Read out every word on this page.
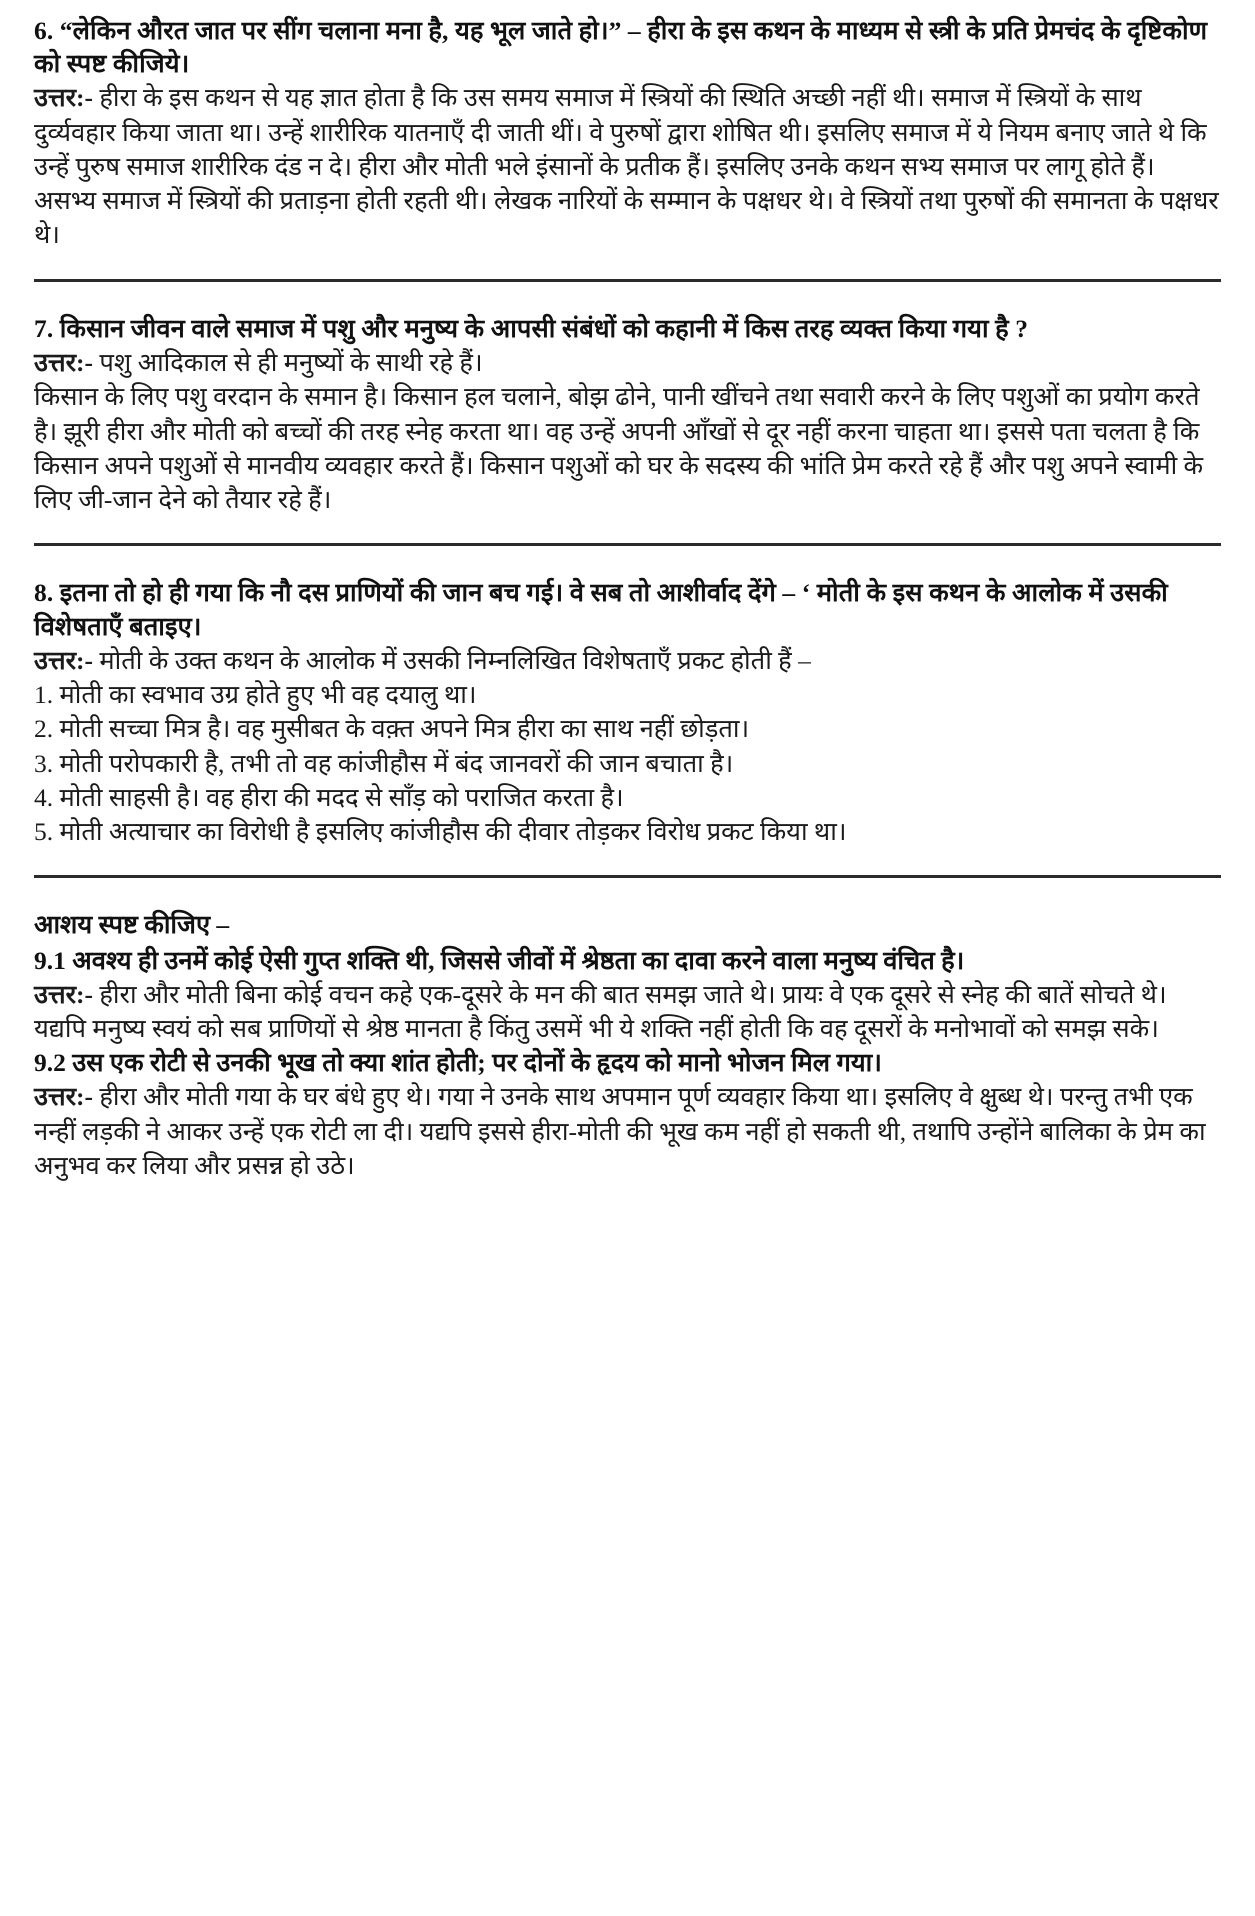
6. “लेकिन औरत जात पर सींग चलाना मना है, यह भूल जाते हो।” – हीरा के इस कथन के माध्यम से स्त्री के प्रति प्रेमचंद के दृष्टिकोण को स्पष्ट कीजिये।

उत्तर:- हीरा के इस कथन से यह ज्ञात होता है कि उस समय समाज में स्त्रियों की स्थिति अच्छी नहीं थी। समाज में स्त्रियों के साथ दुर्व्यवहार किया जाता था। उन्हें शारीरिक यातनाएँ दी जाती थीं। वे पुरुषों द्वारा शोषित थी। इसलिए समाज में ये नियम बनाए जाते थे कि उन्हें पुरुष समाज शारीरिक दंड न दे। हीरा और मोती भले इंसानों के प्रतीक हैं। इसलिए उनके कथन सभ्य समाज पर लागू होते हैं। असभ्य समाज में स्त्रियों की प्रताड़ना होती रहती थी। लेखक नारियों के सम्मान के पक्षधर थे। वे स्त्रियों तथा पुरुषों की समानता के पक्षधर थे।

7. किसान जीवन वाले समाज में पशु और मनुष्य के आपसी संबंधों को कहानी में किस तरह व्यक्त किया गया है ?

उत्तर:- पशु आदिकाल से ही मनुष्यों के साथी रहे हैं।

किसान के लिए पशु वरदान के समान है। किसान हल चलाने, बोझ ढोने, पानी खींचने तथा सवारी करने के लिए पशुओं का प्रयोग करते है। झूरी हीरा और मोती को बच्चों की तरह स्नेह करता था। वह उन्हें अपनी आँखों से दूर नहीं करना चाहता था। इससे पता चलता है कि किसान अपने पशुओं से मानवीय व्यवहार करते हैं। किसान पशुओं को घर के सदस्य की भांति प्रेम करते रहे हैं और पशु अपने स्वामी के लिए जी-जान देने को तैयार रहे हैं।

8. इतना तो हो ही गया कि नौ दस प्राणियों की जान बच गई। वे सब तो आशीर्वाद देंगे – ‘ मोती के इस कथन के आलोक में उसकी विशेषताएँ बताइए।

उत्तर:- मोती के उक्त कथन के आलोक में उसकी निम्नलिखित विशेषताएँ प्रकट होती हैं –

1. मोती का स्वभाव उग्र होते हुए भी वह दयालु था।

2. मोती सच्चा मित्र है। वह मुसीबत के वक़्त अपने मित्र हीरा का साथ नहीं छोड़ता।

3. मोती परोपकारी है, तभी तो वह कांजीहौस में बंद जानवरों की जान बचाता है।

4. मोती साहसी है। वह हीरा की मदद से साँड़ को पराजित करता है।

5. मोती अत्याचार का विरोधी है इसलिए कांजीहौस की दीवार तोड़कर विरोध प्रकट किया था।

आशय स्पष्ट कीजिए –

9.1 अवश्य ही उनमें कोई ऐसी गुप्त शक्ति थी, जिससे जीवों में श्रेष्ठता का दावा करने वाला मनुष्य वंचित है।

उत्तर:- हीरा और मोती बिना कोई वचन कहे एक-दूसरे के मन की बात समझ जाते थे। प्रायः वे एक दूसरे से स्नेह की बातें सोचते थे। यद्यपि मनुष्य स्वयं को सब प्राणियों से श्रेष्ठ मानता है किंतु उसमें भी ये शक्ति नहीं होती कि वह दूसरों के मनोभावों को समझ सके।

9.2 उस एक रोटी से उनकी भूख तो क्या शांत होती; पर दोनों के हृदय को मानो भोजन मिल गया।

उत्तर:- हीरा और मोती गया के घर बंधे हुए थे। गया ने उनके साथ अपमान पूर्ण व्यवहार किया था। इसलिए वे क्षुब्ध थे। परन्तु तभी एक नन्हीं लड़की ने आकर उन्हें एक रोटी ला दी। यद्यपि इससे हीरा-मोती की भूख कम नहीं हो सकती थी, तथापि उन्होंने बालिका के प्रेम का अनुभव कर लिया और प्रसन्न हो उठे।
